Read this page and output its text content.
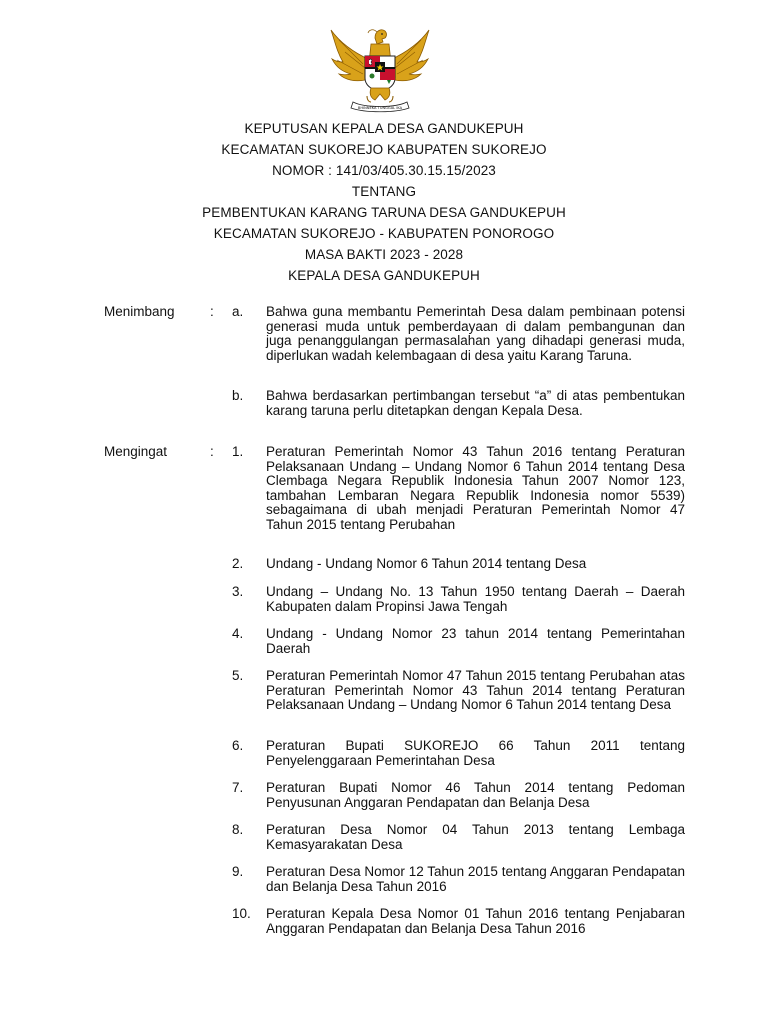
BHINNEKA TUNGGAL IKA
KEPUTUSAN KEPALA DESA GANDUKEPUH
KECAMATAN SUKOREJO KABUPATEN SUKOREJO
NOMOR : 141/03/405.30.15.15/2023
TENTANG
PEMBENTUKAN KARANG TARUNA DESA GANDUKEPUH
KECAMATAN SUKOREJO - KABUPATEN PONOROGO
MASA BAKTI 2023 - 2028
KEPALA DESA GANDUKEPUH
Menimbang	: a. Bahwa guna membantu Pemerintah Desa dalam pembinaan potensi generasi muda untuk pemberdayaan di dalam pembangunan dan juga penanggulangan permasalahan yang dihadapi generasi muda, diperlukan wadah kelembagaan di desa yaitu Karang Taruna.
b. Bahwa berdasarkan pertimbangan tersebut “a” di atas pembentukan karang taruna perlu ditetapkan dengan Kepala Desa.
Mengingat	: 1. Peraturan Pemerintah Nomor 43 Tahun 2016 tentang Peraturan Pelaksanaan Undang – Undang Nomor 6 Tahun 2014 tentang Desa Clembaga Negara Republik Indonesia Tahun 2007 Nomor 123, tambahan Lembaran Negara Republik Indonesia nomor 5539) sebagaimana di ubah menjadi Peraturan Pemerintah Nomor 47 Tahun 2015 tentang Perubahan
2. Undang - Undang Nomor 6 Tahun 2014 tentang Desa
3. Undang – Undang No. 13 Tahun 1950 tentang Daerah – Daerah Kabupaten dalam Propinsi Jawa Tengah
4. Undang - Undang Nomor 23 tahun 2014 tentang Pemerintahan Daerah
5. Peraturan Pemerintah Nomor 47 Tahun 2015 tentang Perubahan atas Peraturan Pemerintah Nomor 43 Tahun 2014 tentang Peraturan Pelaksanaan Undang – Undang Nomor 6 Tahun 2014 tentang Desa
6. Peraturan Bupati SUKOREJO 66 Tahun 2011 tentang Penyelenggaraan Pemerintahan Desa
7. Peraturan Bupati Nomor 46 Tahun 2014 tentang Pedoman Penyusunan Anggaran Pendapatan dan Belanja Desa
8. Peraturan Desa Nomor 04 Tahun 2013 tentang Lembaga Kemasyarakatan Desa
9. Peraturan Desa Nomor 12 Tahun 2015 tentang Anggaran Pendapatan dan Belanja Desa Tahun 2016
10. Peraturan Kepala Desa Nomor 01 Tahun 2016 tentang Penjabaran Anggaran Pendapatan dan Belanja Desa Tahun 2016
